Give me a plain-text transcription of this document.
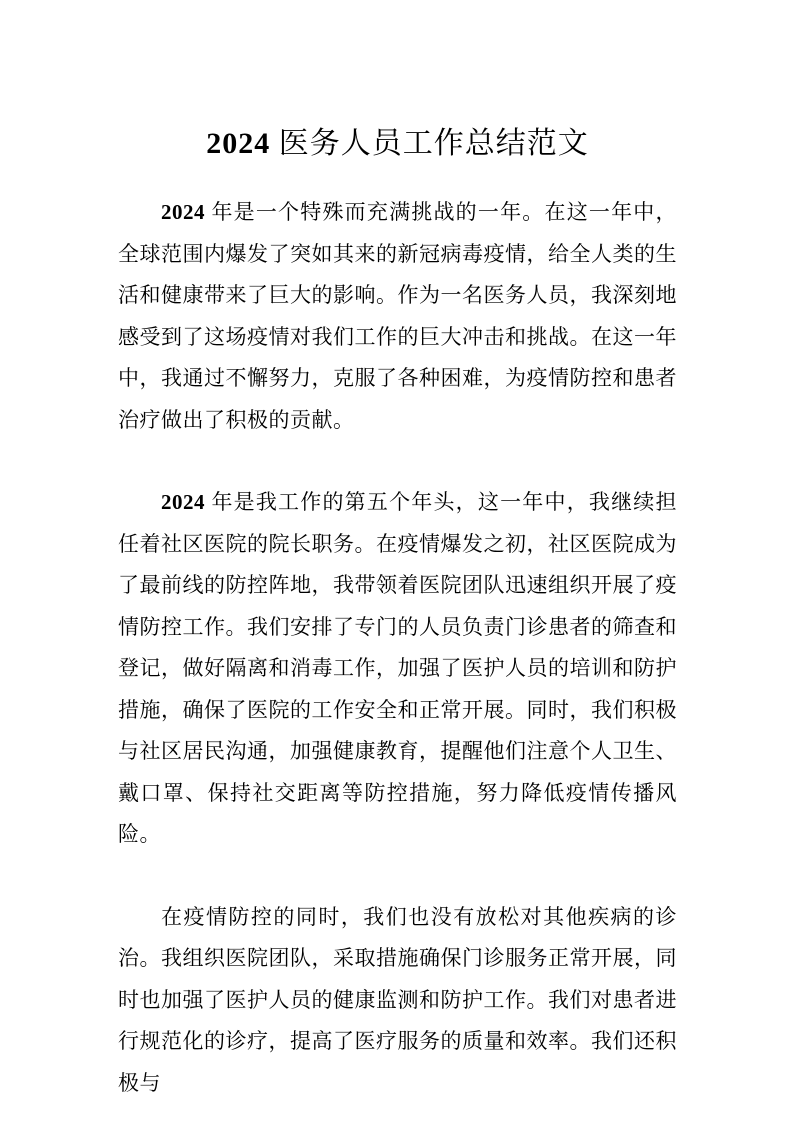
2024 医务人员工作总结范文

2024 年是一个特殊而充满挑战的一年。在这一年中，全球范围内爆发了突如其来的新冠病毒疫情，给全人类的生活和健康带来了巨大的影响。作为一名医务人员，我深刻地感受到了这场疫情对我们工作的巨大冲击和挑战。在这一年中，我通过不懈努力，克服了各种困难，为疫情防控和患者治疗做出了积极的贡献。

2024 年是我工作的第五个年头，这一年中，我继续担任着社区医院的院长职务。在疫情爆发之初，社区医院成为了最前线的防控阵地，我带领着医院团队迅速组织开展了疫情防控工作。我们安排了专门的人员负责门诊患者的筛查和登记，做好隔离和消毒工作，加强了医护人员的培训和防护措施，确保了医院的工作安全和正常开展。同时，我们积极与社区居民沟通，加强健康教育，提醒他们注意个人卫生、戴口罩、保持社交距离等防控措施，努力降低疫情传播风险。

在疫情防控的同时，我们也没有放松对其他疾病的诊治。我组织医院团队，采取措施确保门诊服务正常开展，同时也加强了医护人员的健康监测和防护工作。我们对患者进行规范化的诊疗，提高了医疗服务的质量和效率。我们还积极与
